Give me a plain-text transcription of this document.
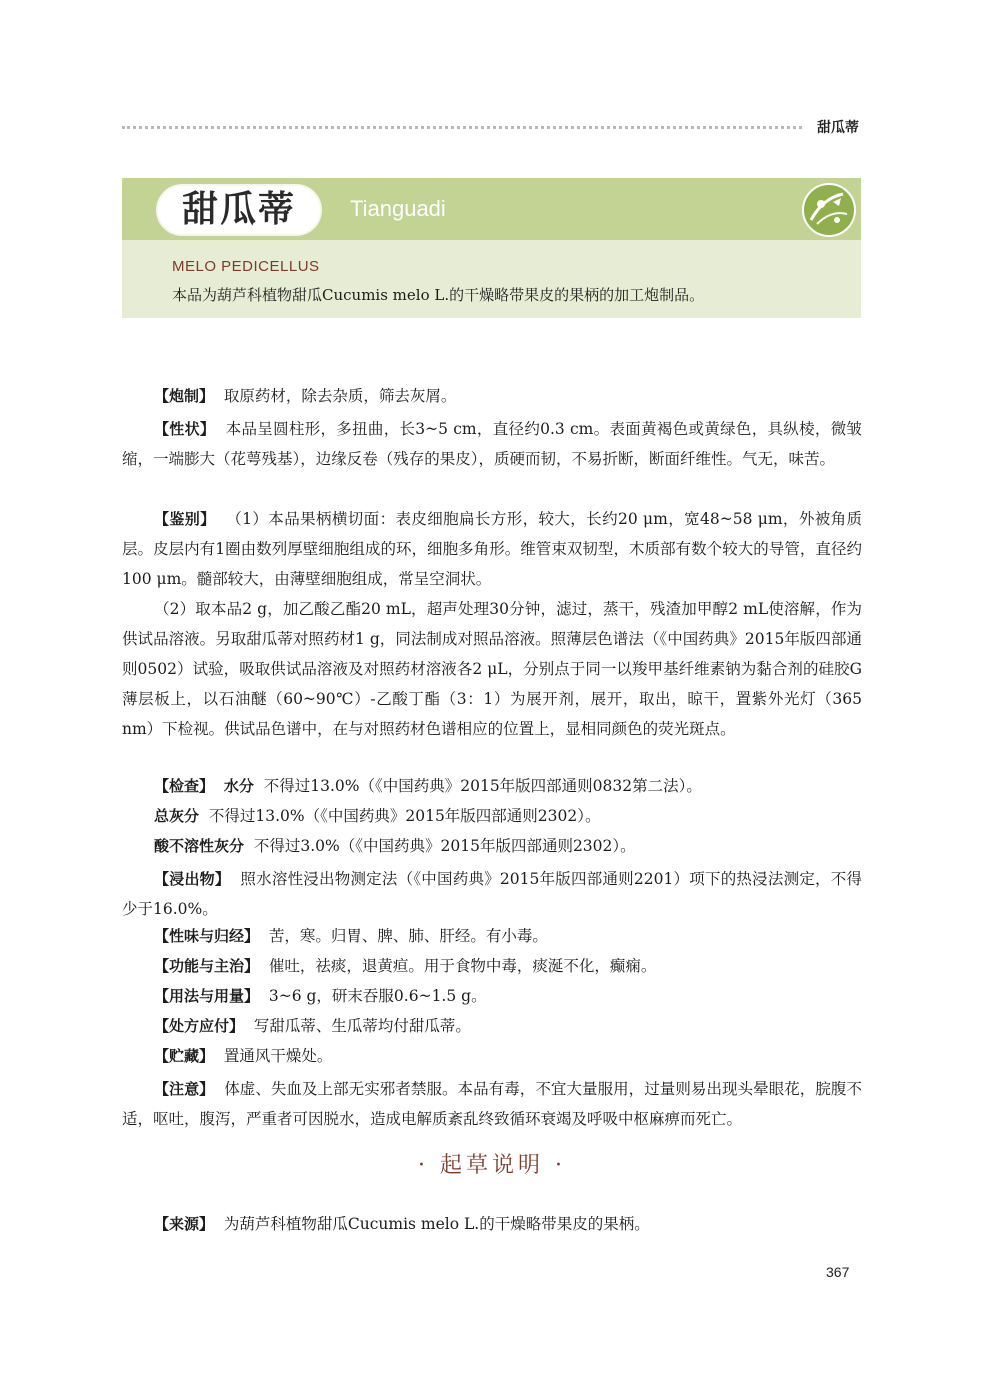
甜瓜蒂
甜瓜蒂	Tianguadi
MELO PEDICELLUS
本品为葫芦科植物甜瓜Cucumis melo L.的干燥略带果皮的果柄的加工炮制品。
【炮制】 取原药材，除去杂质，筛去灰屑。
【性状】 本品呈圆柱形，多扭曲，长3~5 cm，直径约0.3 cm。表面黄褐色或黄绿色，具纵棱，微皱缩，一端膨大（花萼残基），边缘反卷（残存的果皮），质硬而韧，不易折断，断面纤维性。气无，味苦。
【鉴别】 （1）本品果柄横切面：表皮细胞扁长方形，较大，长约20 μm，宽48~58 μm，外被角质层。皮层内有1圈由数列厚壁细胞组成的环，细胞多角形。维管束双韧型，木质部有数个较大的导管，直径约100 μm。髓部较大，由薄壁细胞组成，常呈空洞状。
（2）取本品2 g，加乙酸乙酯20 mL，超声处理30分钟，滤过，蒸干，残渣加甲醇2 mL使溶解，作为供试品溶液。另取甜瓜蒂对照药材1 g，同法制成对照品溶液。照薄层色谱法（《中国药典》2015年版四部通则0502）试验，吸取供试品溶液及对照药材溶液各2 μL，分别点于同一以羧甲基纤维素钠为黏合剂的硅胶G薄层板上，以石油醚（60~90℃）-乙酸丁酯（3：1）为展开剂，展开，取出，晾干，置紫外光灯（365 nm）下检视。供试品色谱中，在与对照药材色谱相应的位置上，显相同颜色的荧光斑点。
【检查】 水分 不得过13.0%（《中国药典》2015年版四部通则0832第二法）。
总灰分 不得过13.0%（《中国药典》2015年版四部通则2302）。
酸不溶性灰分 不得过3.0%（《中国药典》2015年版四部通则2302）。
【浸出物】 照水溶性浸出物测定法（《中国药典》2015年版四部通则2201）项下的热浸法测定，不得少于16.0%。
【性味与归经】 苦，寒。归胃、脾、肺、肝经。有小毒。
【功能与主治】 催吐，祛痰，退黄疸。用于食物中毒，痰涎不化，癫痫。
【用法与用量】 3~6 g，研末吞服0.6~1.5 g。
【处方应付】 写甜瓜蒂、生瓜蒂均付甜瓜蒂。
【贮藏】 置通风干燥处。
【注意】 体虚、失血及上部无实邪者禁服。本品有毒，不宜大量服用，过量则易出现头晕眼花，脘腹不适，呕吐，腹泻，严重者可因脱水，造成电解质紊乱终致循环衰竭及呼吸中枢麻痹而死亡。
· 起草说明 ·
【来源】 为葫芦科植物甜瓜Cucumis melo L.的干燥略带果皮的果柄。
367
